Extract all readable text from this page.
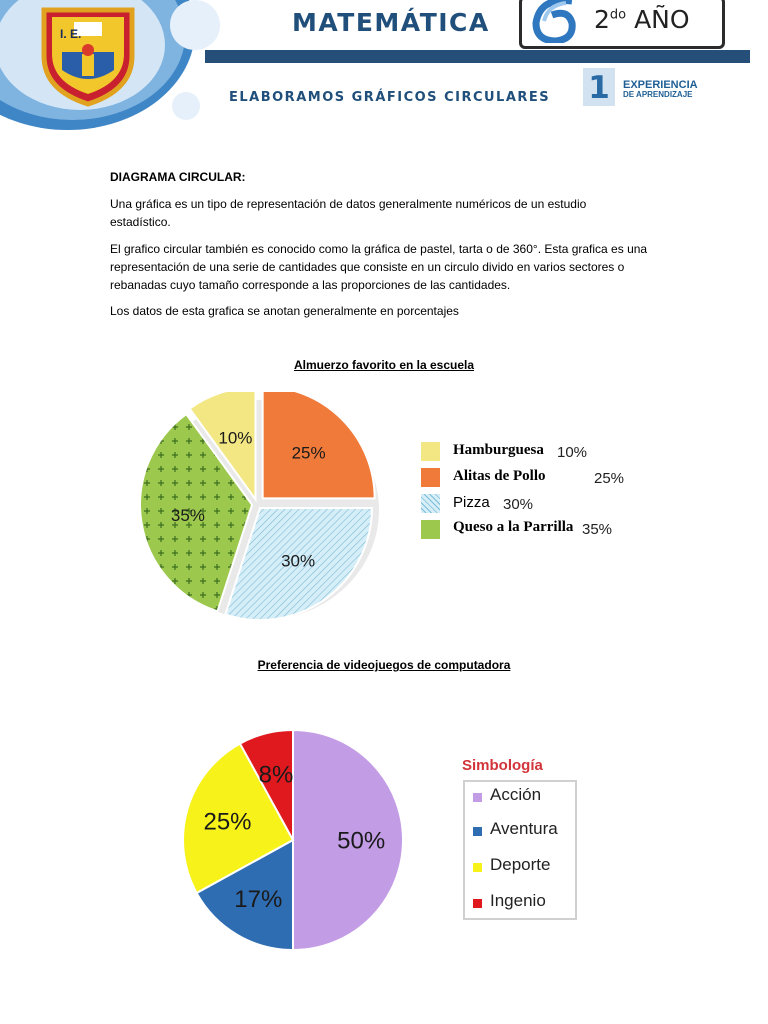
I. E.	MATEMÁTICA	$2^{do}$ AÑO
ELABORAMOS GRÁFICOS CIRCULARES 1	EXPERIENCIA
DE APRENDIZAJE
DIAGRAMA CIRCULAR:
Una gráfica es un tipo de representación de datos generalmente numéricos de un estudio estadístico.
El grafico circular también es conocido como la gráfica de pastel, tarta o de 360°. Esta grafica es una representación de una serie de cantidades que consiste en un circulo divido en varios sectores o rebanadas cuyo tamaño corresponde a las proporciones de las cantidades.
Los datos de esta grafica se anotan generalmente en porcentajes
Almuerzo favorito en la escuela
10%
25%
30%
35%
Hamburguesa 10%
Alitas de Pollo	25%
Pizza 30%
Queso a la Parrilla 35%
Preferencia de videojuegos de computadora
50%
17%
25%
8%	Simbología
Acción
Aventura
Deporte
Ingenio
